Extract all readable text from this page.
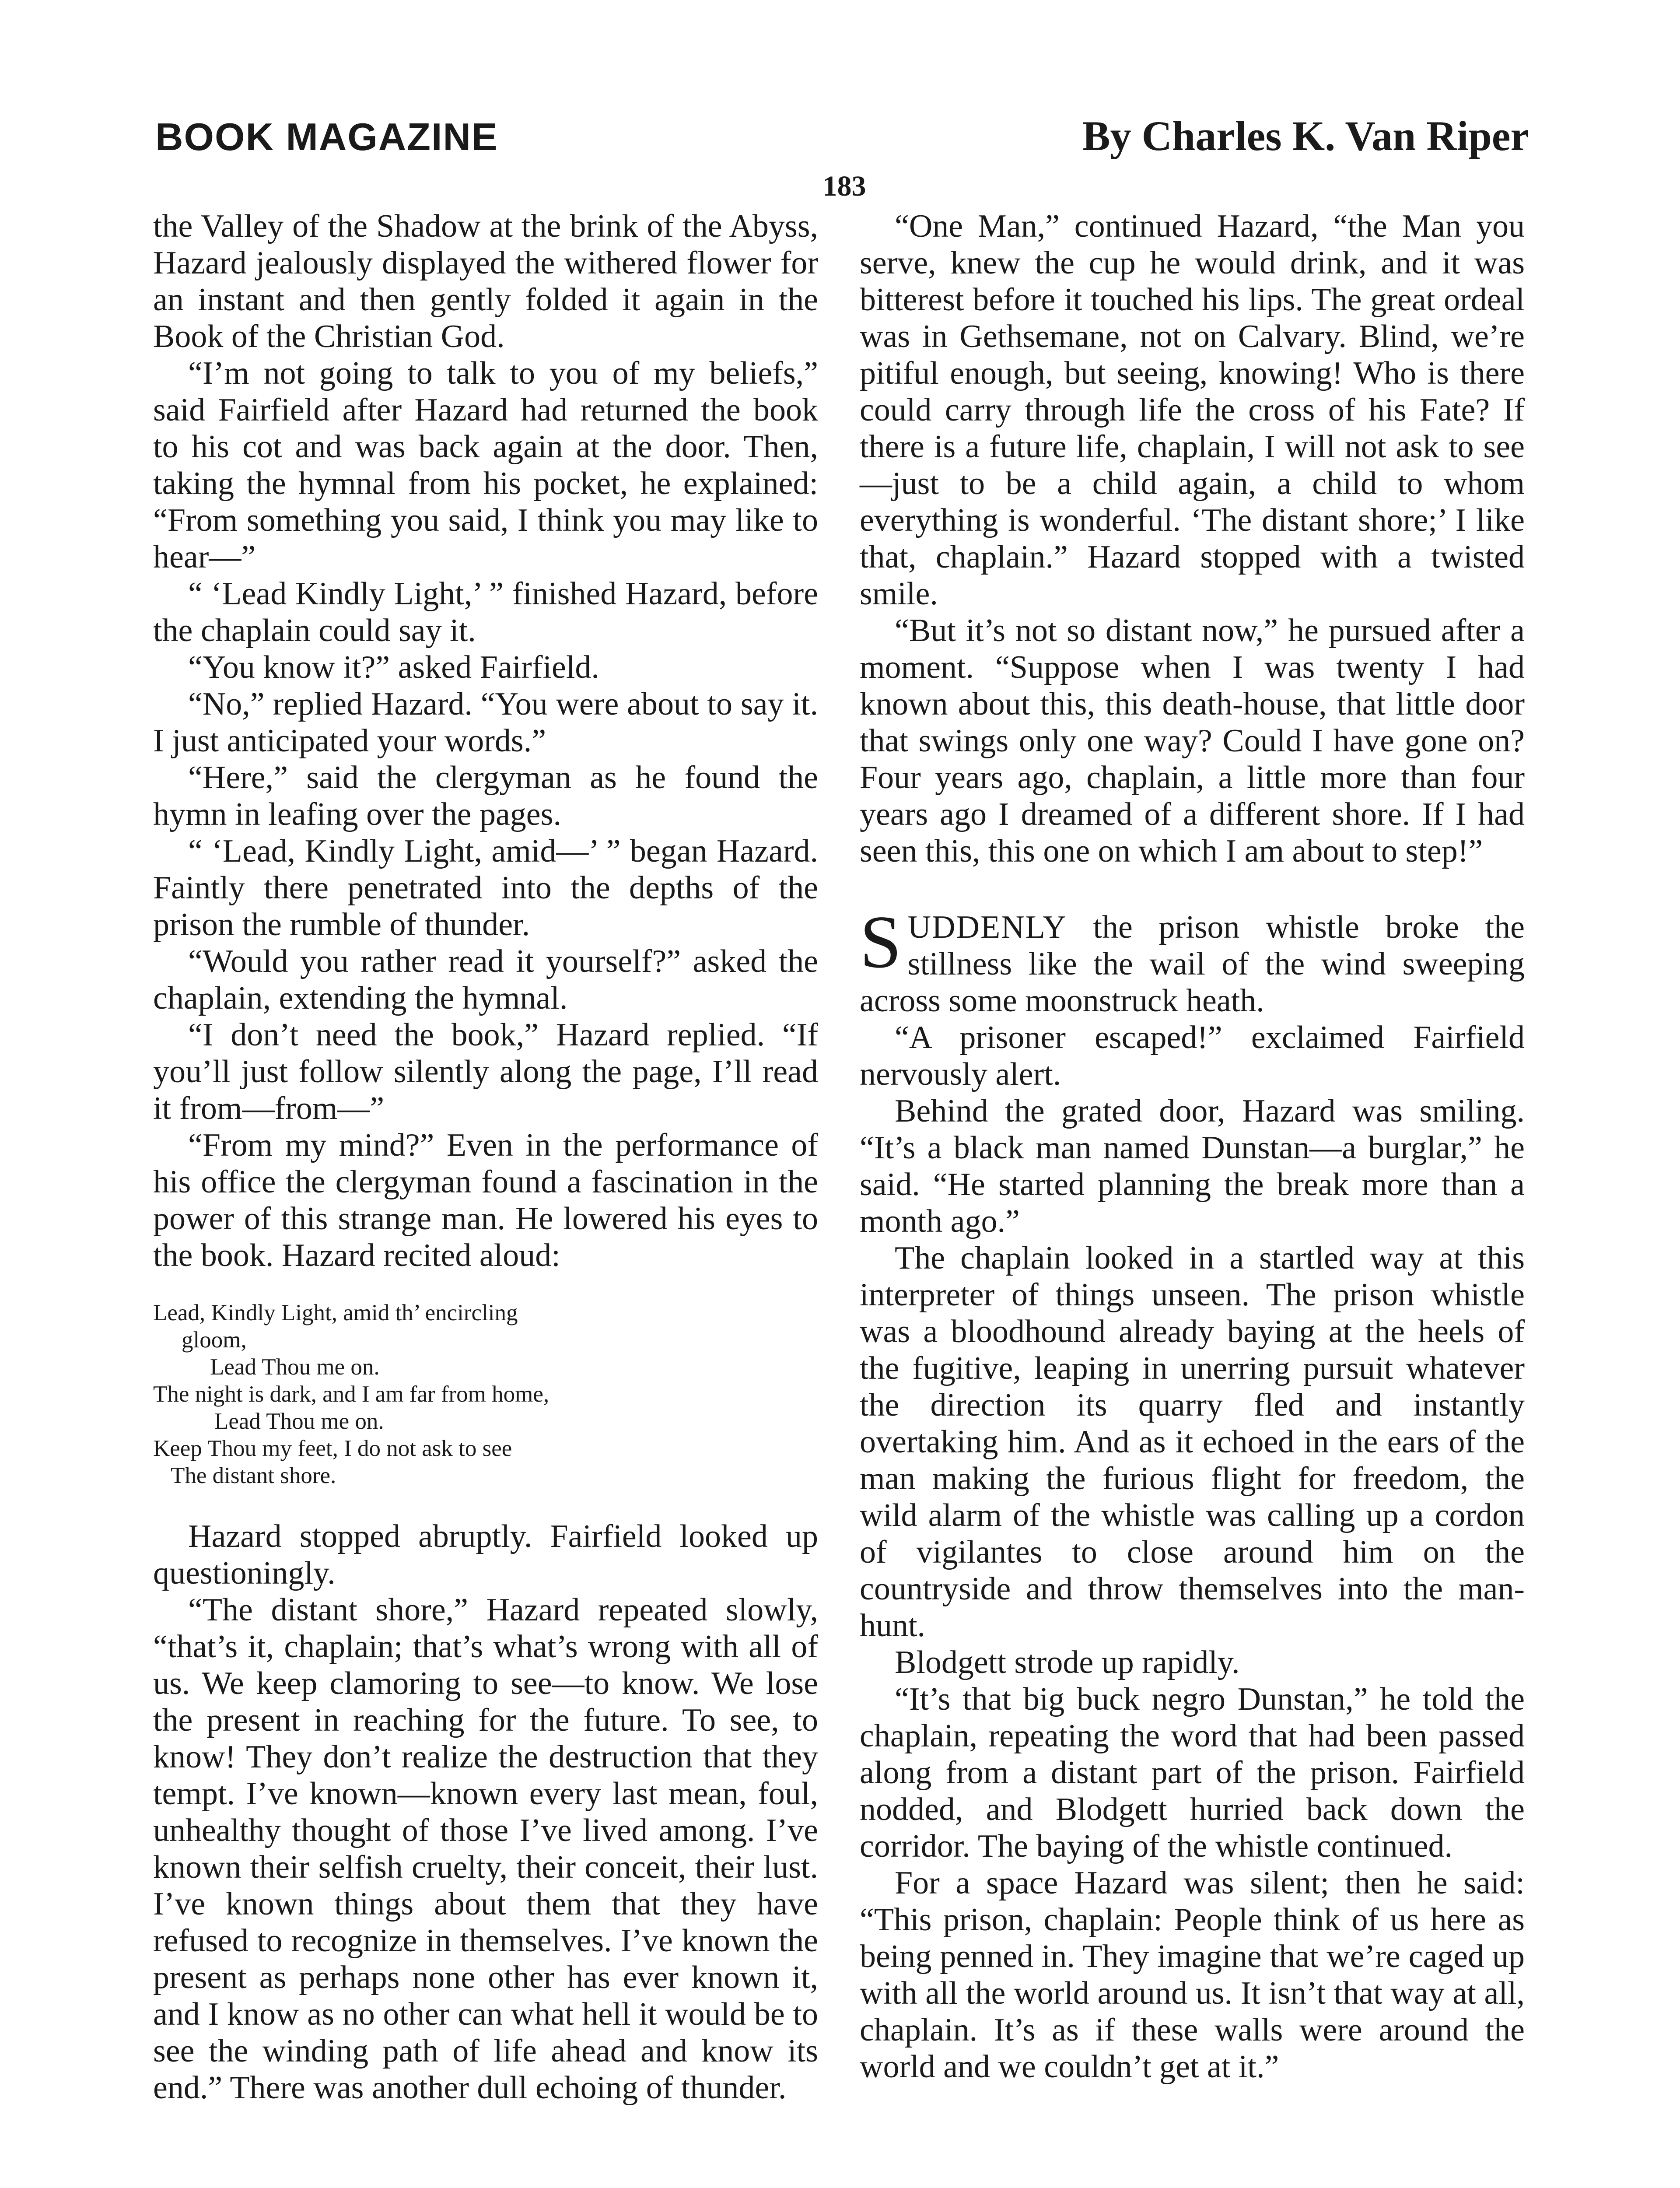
BOOK MAGAZINE	By Charles K. Van Riper
183

the Valley of the Shadow at the brink of the Abyss, Hazard jealously displayed the withered flower for an instant and then gently folded it again in the Book of the Christian God.

“I’m not going to talk to you of my beliefs,” said Fairfield after Hazard had returned the book to his cot and was back again at the door. Then, taking the hymnal from his pocket, he explained: “From something you said, I think you may like to hear—”

“ ‘Lead Kindly Light,’ ” finished Hazard, before the chaplain could say it.

“You know it?” asked Fairfield.

“No,” replied Hazard. “You were about to say it. I just anticipated your words.”

“Here,” said the clergyman as he found the hymn in leafing over the pages.

“ ‘Lead, Kindly Light, amid—’ ” began Hazard. Faintly there penetrated into the depths of the prison the rumble of thunder.

“Would you rather read it yourself?” asked the chaplain, extending the hymnal.

“I don’t need the book,” Hazard replied. “If you’ll just follow silently along the page, I’ll read it from—from—”

“From my mind?” Even in the performance of his office the clergyman found a fascination in the power of this strange man. He lowered his eyes to the book. Hazard recited aloud:

Lead, Kindly Light, amid th’ encircling
gloom,
Lead Thou me on.
The night is dark, and I am far from home,
Lead Thou me on.
Keep Thou my feet, I do not ask to see
The distant shore.

Hazard stopped abruptly. Fairfield looked up questioningly.

“The distant shore,” Hazard repeated slowly, “that’s it, chaplain; that’s what’s wrong with all of us. We keep clamoring to see—to know. We lose the present in reaching for the future. To see, to know! They don’t realize the destruction that they tempt. I’ve known—known every last mean, foul, unhealthy thought of those I’ve lived among. I’ve known their selfish cruelty, their conceit, their lust. I’ve known things about them that they have refused to recognize in themselves. I’ve known the present as perhaps none other has ever known it, and I know as no other can what hell it would be to see the winding path of life ahead and know its end.” There was another dull echoing of thunder.

“One Man,” continued Hazard, “the Man you serve, knew the cup he would drink, and it was bitterest before it touched his lips. The great ordeal was in Gethsemane, not on Calvary. Blind, we’re pitiful enough, but seeing, knowing! Who is there could carry through life the cross of his Fate? If there is a future life, chaplain, I will not ask to see—just to be a child again, a child to whom everything is wonderful. ‘The distant shore;’ I like that, chaplain.” Hazard stopped with a twisted smile.

“But it’s not so distant now,” he pursued after a moment. “Suppose when I was twenty I had known about this, this death-house, that little door that swings only one way? Could I have gone on? Four years ago, chaplain, a little more than four years ago I dreamed of a different shore. If I had seen this, this one on which I am about to step!”

SUDDENLY the prison whistle broke the stillness like the wail of the wind sweeping across some moonstruck heath.

“A prisoner escaped!” exclaimed Fairfield nervously alert.

Behind the grated door, Hazard was smiling. “It’s a black man named Dunstan—a burglar,” he said. “He started planning the break more than a month ago.”

The chaplain looked in a startled way at this interpreter of things unseen. The prison whistle was a bloodhound already baying at the heels of the fugitive, leaping in unerring pursuit whatever the direction its quarry fled and instantly overtaking him. And as it echoed in the ears of the man making the furious flight for freedom, the wild alarm of the whistle was calling up a cordon of vigilantes to close around him on the countryside and throw themselves into the man-hunt.

Blodgett strode up rapidly.

“It’s that big buck negro Dunstan,” he told the chaplain, repeating the word that had been passed along from a distant part of the prison. Fairfield nodded, and Blodgett hurried back down the corridor. The baying of the whistle continued.

For a space Hazard was silent; then he said: “This prison, chaplain: People think of us here as being penned in. They imagine that we’re caged up with all the world around us. It isn’t that way at all, chaplain. It’s as if these walls were around the world and we couldn’t get at it.”
